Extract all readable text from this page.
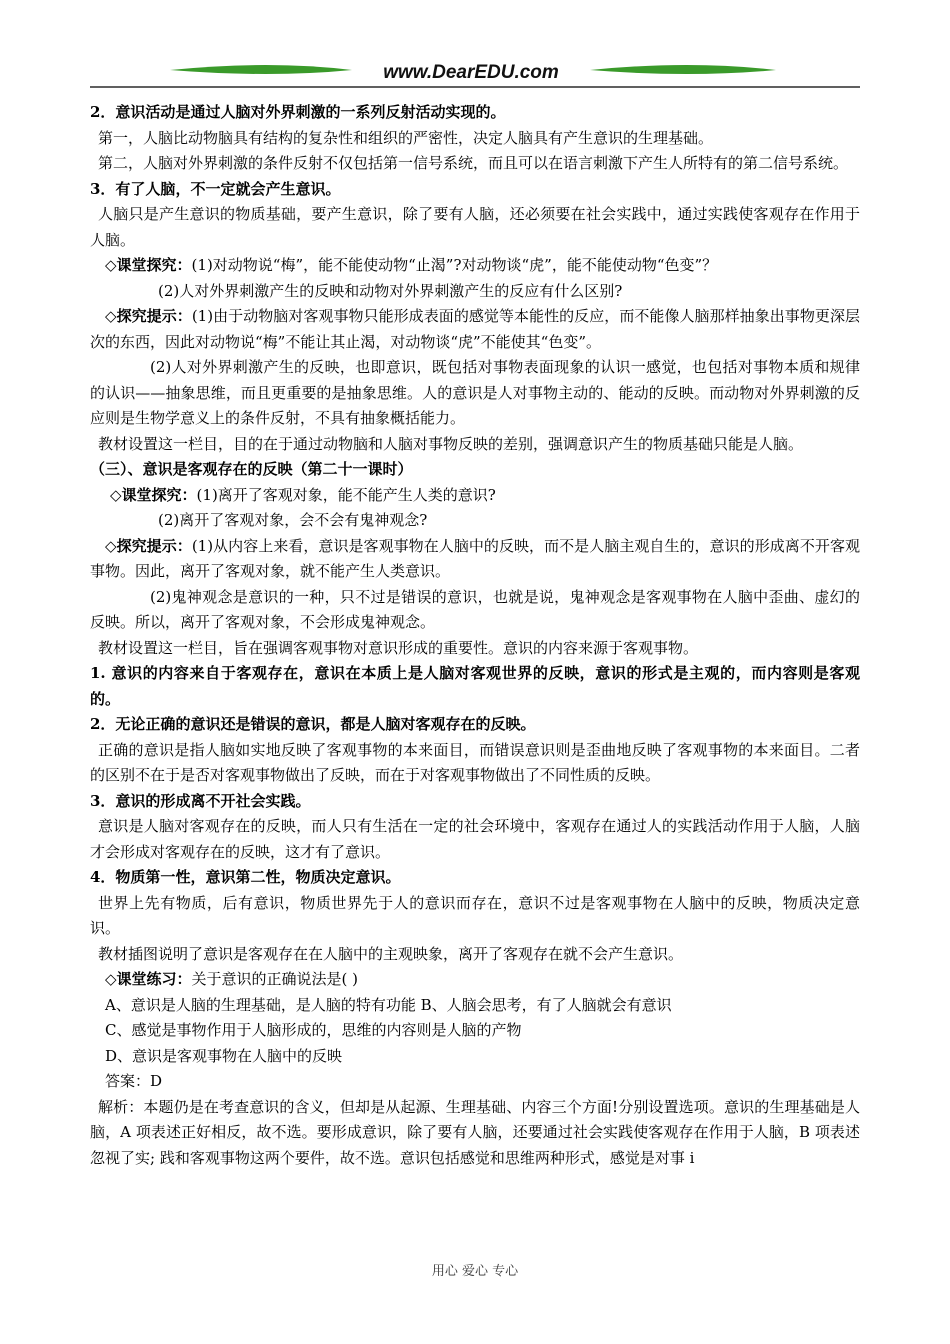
www.DearEDU.com

2．意识活动是通过人脑对外界刺激的一系列反射活动实现的。

第一，人脑比动物脑具有结构的复杂性和组织的严密性，决定人脑具有产生意识的生理基础。

第二，人脑对外界刺激的条件反射不仅包括第一信号系统，而且可以在语言刺激下产生人所特有的第二信号系统。

3．有了人脑，不一定就会产生意识。

人脑只是产生意识的物质基础，要产生意识，除了要有人脑，还必须要在社会实践中，通过实践使客观存在作用于人脑。

◇课堂探究：(1)对动物说“梅”，能不能使动物“止渴”?对动物谈“虎”，能不能使动物“色变”？

(2)人对外界刺激产生的反映和动物对外界刺激产生的反应有什么区别?

◇探究提示：(1)由于动物脑对客观事物只能形成表面的感觉等本能性的反应，而不能像人脑那样抽象出事物更深层次的东西，因此对动物说“梅”不能让其止渴，对动物谈“虎”不能使其“色变”。

(2)人对外界刺激产生的反映，也即意识，既包括对事物表面现象的认识一感觉，也包括对事物本质和规律的认识——抽象思维，而且更重要的是抽象思维。人的意识是人对事物主动的、能动的反映。而动物对外界刺激的反应则是生物学意义上的条件反射，不具有抽象概括能力。

教材设置这一栏目，目的在于通过动物脑和人脑对事物反映的差别，强调意识产生的物质基础只能是人脑。

（三）、意识是客观存在的反映（第二十一课时）

◇课堂探究：(1)离开了客观对象，能不能产生人类的意识?

(2)离开了客观对象，会不会有鬼神观念?

◇探究提示：(1)从内容上来看，意识是客观事物在人脑中的反映，而不是人脑主观自生的，意识的形成离不开客观事物。因此，离开了客观对象，就不能产生人类意识。

(2)鬼神观念是意识的一种，只不过是错误的意识，也就是说，鬼神观念是客观事物在人脑中歪曲、虚幻的反映。所以，离开了客观对象，不会形成鬼神观念。

教材设置这一栏目，旨在强调客观事物对意识形成的重要性。意识的内容来源于客观事物。

1. 意识的内容来自于客观存在，意识在本质上是人脑对客观世界的反映，意识的形式是主观的，而内容则是客观的。

2．无论正确的意识还是错误的意识，都是人脑对客观存在的反映。

正确的意识是指人脑如实地反映了客观事物的本来面目，而错误意识则是歪曲地反映了客观事物的本来面目。二者的区别不在于是否对客观事物做出了反映，而在于对客观事物做出了不同性质的反映。

3．意识的形成离不开社会实践。

意识是人脑对客观存在的反映，而人只有生活在一定的社会环境中，客观存在通过人的实践活动作用于人脑，人脑才会形成对客观存在的反映，这才有了意识。

4．物质第一性，意识第二性，物质决定意识。

世界上先有物质，后有意识，物质世界先于人的意识而存在，意识不过是客观事物在人脑中的反映，物质决定意识。

教材插图说明了意识是客观存在在人脑中的主观映象，离开了客观存在就不会产生意识。

◇课堂练习：关于意识的正确说法是( )

A、意识是人脑的生理基础，是人脑的特有功能 B、人脑会思考，有了人脑就会有意识

C、感觉是事物作用于人脑形成的，思维的内容则是人脑的产物

D、意识是客观事物在人脑中的反映

答案：D

解析：本题仍是在考查意识的含义，但却是从起源、生理基础、内容三个方面!分别设置选项。意识的生理基础是人脑，A 项表述正好相反，故不选。要形成意识，除了要有人脑，还要通过社会实践使客观存在作用于人脑，B 项表述忽视了实; 践和客观事物这两个要件，故不选。意识包括感觉和思维两种形式，感觉是对事 i

用心 爱心 专心
